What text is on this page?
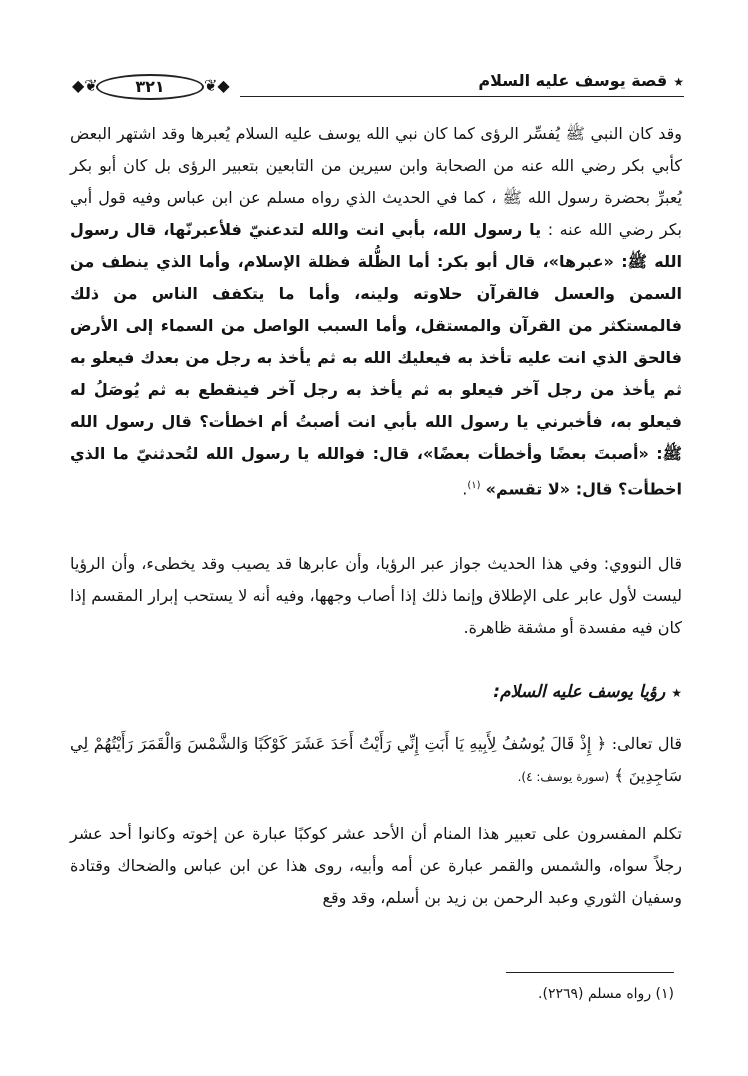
★قصة يوسف عليه السلام
◆❦	٣٢١	❦◆

وقد كان النبي ﷺ يُفسِّر الرؤى كما كان نبي الله يوسف عليه السلام يُعبرها وقد اشتهر البعض كأبي بكر رضي الله عنه من الصحابة وابن سيرين من التابعين بتعبير الرؤى بل كان أبو بكر يُعبرِّ بحضرة رسول الله ﷺ ، كما في الحديث الذي رواه مسلم عن ابن عباس وفيه قول أبي بكر رضي الله عنه : يا رسول الله، بأبي انت والله لتدعنيّ فلأعبرنّها، قال رسول الله ﷺ: «عبرها»، قال أبو بكر: أما الظُّلة فظلة الإسلام، وأما الذي ينطف من السمن والعسل فالقرآن حلاوته ولينه، وأما ما يتكفف الناس من ذلك فالمستكثر من القرآن والمستقل، وأما السبب الواصل من السماء إلى الأرض فالحق الذي انت عليه تأخذ به فيعليك الله به ثم يأخذ به رجل من بعدك فيعلو به ثم يأخذ من رجل آخر فيعلو به ثم يأخذ به رجل آخر فينقطع به ثم يُوصَلُ له فيعلو به، فأخبرني يا رسول الله بأبي انت أصبتُ أم اخطأت؟ قال رسول الله ﷺ: «أصبتَ بعضًا وأخطأت بعضًا»، قال: فوالله يا رسول الله لتُحدثنيّ ما الذي اخطأت؟ قال: «لا تقسم» $^{(١)}$.

قال النووي: وفي هذا الحديث جواز عبر الرؤيا، وأن عابرها قد يصيب وقد يخطىء، وأن الرؤيا ليست لأول عابر على الإطلاق وإنما ذلك إذا أصاب وجهها، وفيه أنه لا يستحب إبرار المقسم إذا كان فيه مفسدة أو مشقة ظاهرة.

★رؤيا يوسف عليه السلام:

قال تعالى: ﴿ إِذْ قَالَ يُوسُفُ لِأَبِيهِ يَا أَبَتِ إِنِّي رَأَيْتُ أَحَدَ عَشَرَ كَوْكَبًا وَالشَّمْسَ وَالْقَمَرَ رَأَيْتُهُمْ لِي سَاجِدِينَ ﴾ (سورة يوسف: ٤).

تكلم المفسرون على تعبير هذا المنام أن الأحد عشر كوكبًا عبارة عن إخوته وكانوا أحد عشر رجلاً سواه، والشمس والقمر عبارة عن أمه وأبيه، روى هذا عن ابن عباس والضحاك وقتادة وسفيان الثوري وعبد الرحمن بن زيد بن أسلم، وقد وقع

(١) رواه مسلم (٢٢٦٩).
